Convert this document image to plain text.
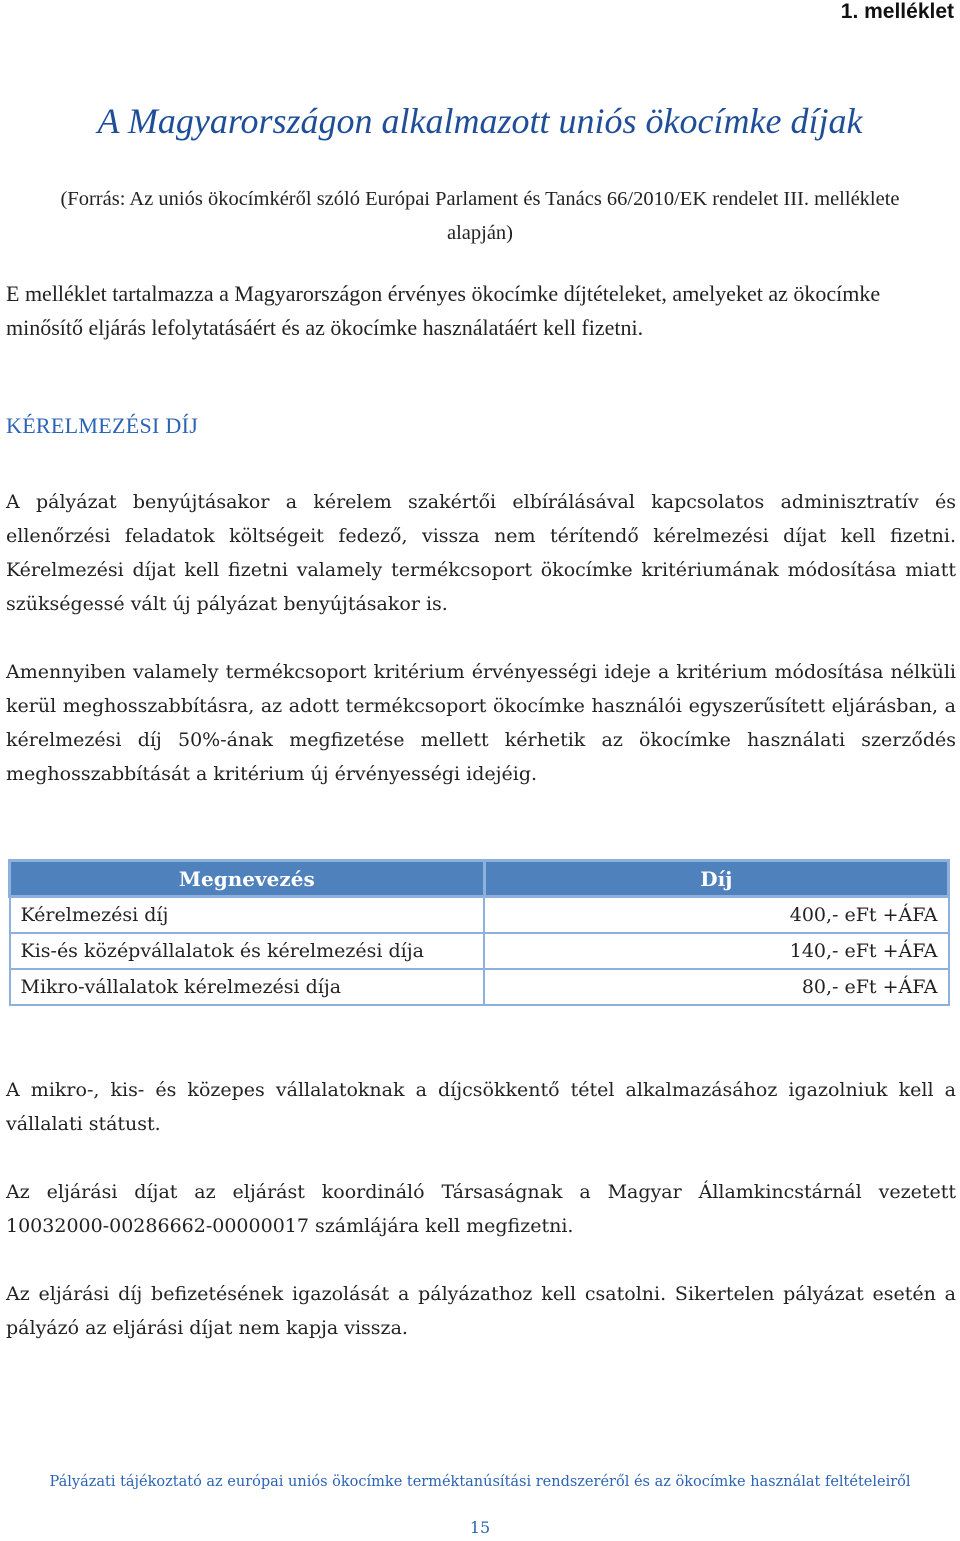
1. melléklet
A Magyarországon alkalmazott uniós ökocímke díjak
(Forrás: Az uniós ökocímkéről szóló Európai Parlament és Tanács 66/2010/EK rendelet III. melléklete alapján)
E melléklet tartalmazza a Magyarországon érvényes ökocímke díjtételeket, amelyeket az ökocímke minősítő eljárás lefolytatásáért és az ökocímke használatáért kell fizetni.
KÉRELMEZÉSI DÍJ
A pályázat benyújtásakor a kérelem szakértői elbírálásával kapcsolatos adminisztratív és ellenőrzési feladatok költségeit fedező, vissza nem térítendő kérelmezési díjat kell fizetni. Kérelmezési díjat kell fizetni valamely termékcsoport ökocímke kritériumának módosítása miatt szükségessé vált új pályázat benyújtásakor is.
Amennyiben valamely termékcsoport kritérium érvényességi ideje a kritérium módosítása nélküli kerül meghosszabbításra, az adott termékcsoport ökocímke használói egyszerűsített eljárásban, a kérelmezési díj 50%-ának megfizetése mellett kérhetik az ökocímke használati szerződés meghosszabbítását a kritérium új érvényességi idejéig.
Megnevezés	Díj
Kérelmezési díj	400,- eFt +ÁFA
Kis-és középvállalatok és kérelmezési díja	140,- eFt +ÁFA
Mikro-vállalatok kérelmezési díja	80,- eFt +ÁFA
A mikro-, kis- és közepes vállalatoknak a díjcsökkentő tétel alkalmazásához igazolniuk kell a vállalati státust.
Az eljárási díjat az eljárást koordináló Társaságnak a Magyar Államkincstárnál vezetett 10032000-00286662-00000017 számlájára kell megfizetni.
Az eljárási díj befizetésének igazolását a pályázathoz kell csatolni. Sikertelen pályázat esetén a pályázó az eljárási díjat nem kapja vissza.
Pályázati tájékoztató az európai uniós ökocímke terméktanúsítási rendszeréről és az ökocímke használat feltételeiről
15
